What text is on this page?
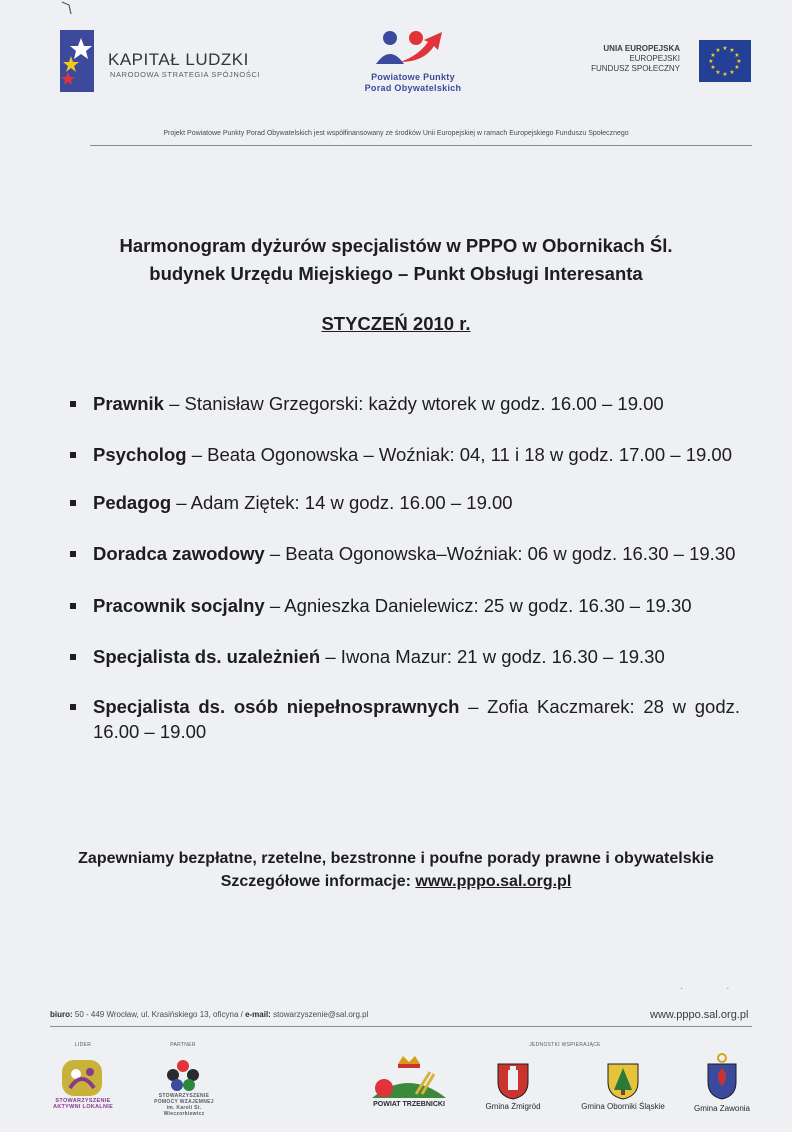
KAPITAŁ LUDZKI
NARODOWA STRATEGIA SPÓJNOŚCI	Powiatowe Punkty
Porad Obywatelskich
UNIA EUROPEJSKA
EUROPEJSKI
FUNDUSZ SPOŁECZNY
★ ★
★
★
★
★
★
★
★
★
★
★
Projekt Powiatowe Punkty Porad Obywatelskich jest współfinansowany ze środków Unii Europejskiej w ramach Europejskiego Funduszu Społecznego
Harmonogram dyżurów specjalistów w PPPO w Obornikach Śl.
budynek Urzędu Miejskiego – Punkt Obsługi Interesanta
STYCZEŃ 2010 r.
Prawnik – Stanisław Grzegorski: każdy wtorek w godz. 16.00 – 19.00
Psycholog – Beata Ogonowska – Woźniak: 04, 11 i 18 w godz. 17.00 – 19.00
Pedagog – Adam Ziętek: 14 w godz. 16.00 – 19.00
Doradca zawodowy – Beata Ogonowska–Woźniak: 06 w godz. 16.30 – 19.30
Pracownik socjalny – Agnieszka Danielewicz: 25 w godz. 16.30 – 19.30
Specjalista ds. uzależnień – Iwona Mazur: 21 w godz. 16.30 – 19.30
Specjalista ds. osób niepełnosprawnych – Zofia Kaczmarek: 28 w godz. 16.00 – 19.00
Zapewniamy bezpłatne, rzetelne, bezstronne i poufne porady prawne i obywatelskie
Szczegółowe informacje: www.pppo.sal.org.pl
· ·
biuro: 50 - 449 Wrocław, ul. Krasińskiego 13, oficyna / e-mail: stowarzyszenie@sal.org.pl	www.pppo.sal.org.pl
LIDER	PARTNER	JEDNOSTKI WSPIERAJĄCE
STOWARZYSZENIE
AKTYWNI LOKALNIE
STOWARZYSZENIE
POMOCY WZAJEMNEJ
im. Karoli St. Wieczorkiewicz
POWIAT TRZEBNICKI	Gmina Żmigród	Gmina Oborniki Śląskie	Gmina Zawonia
